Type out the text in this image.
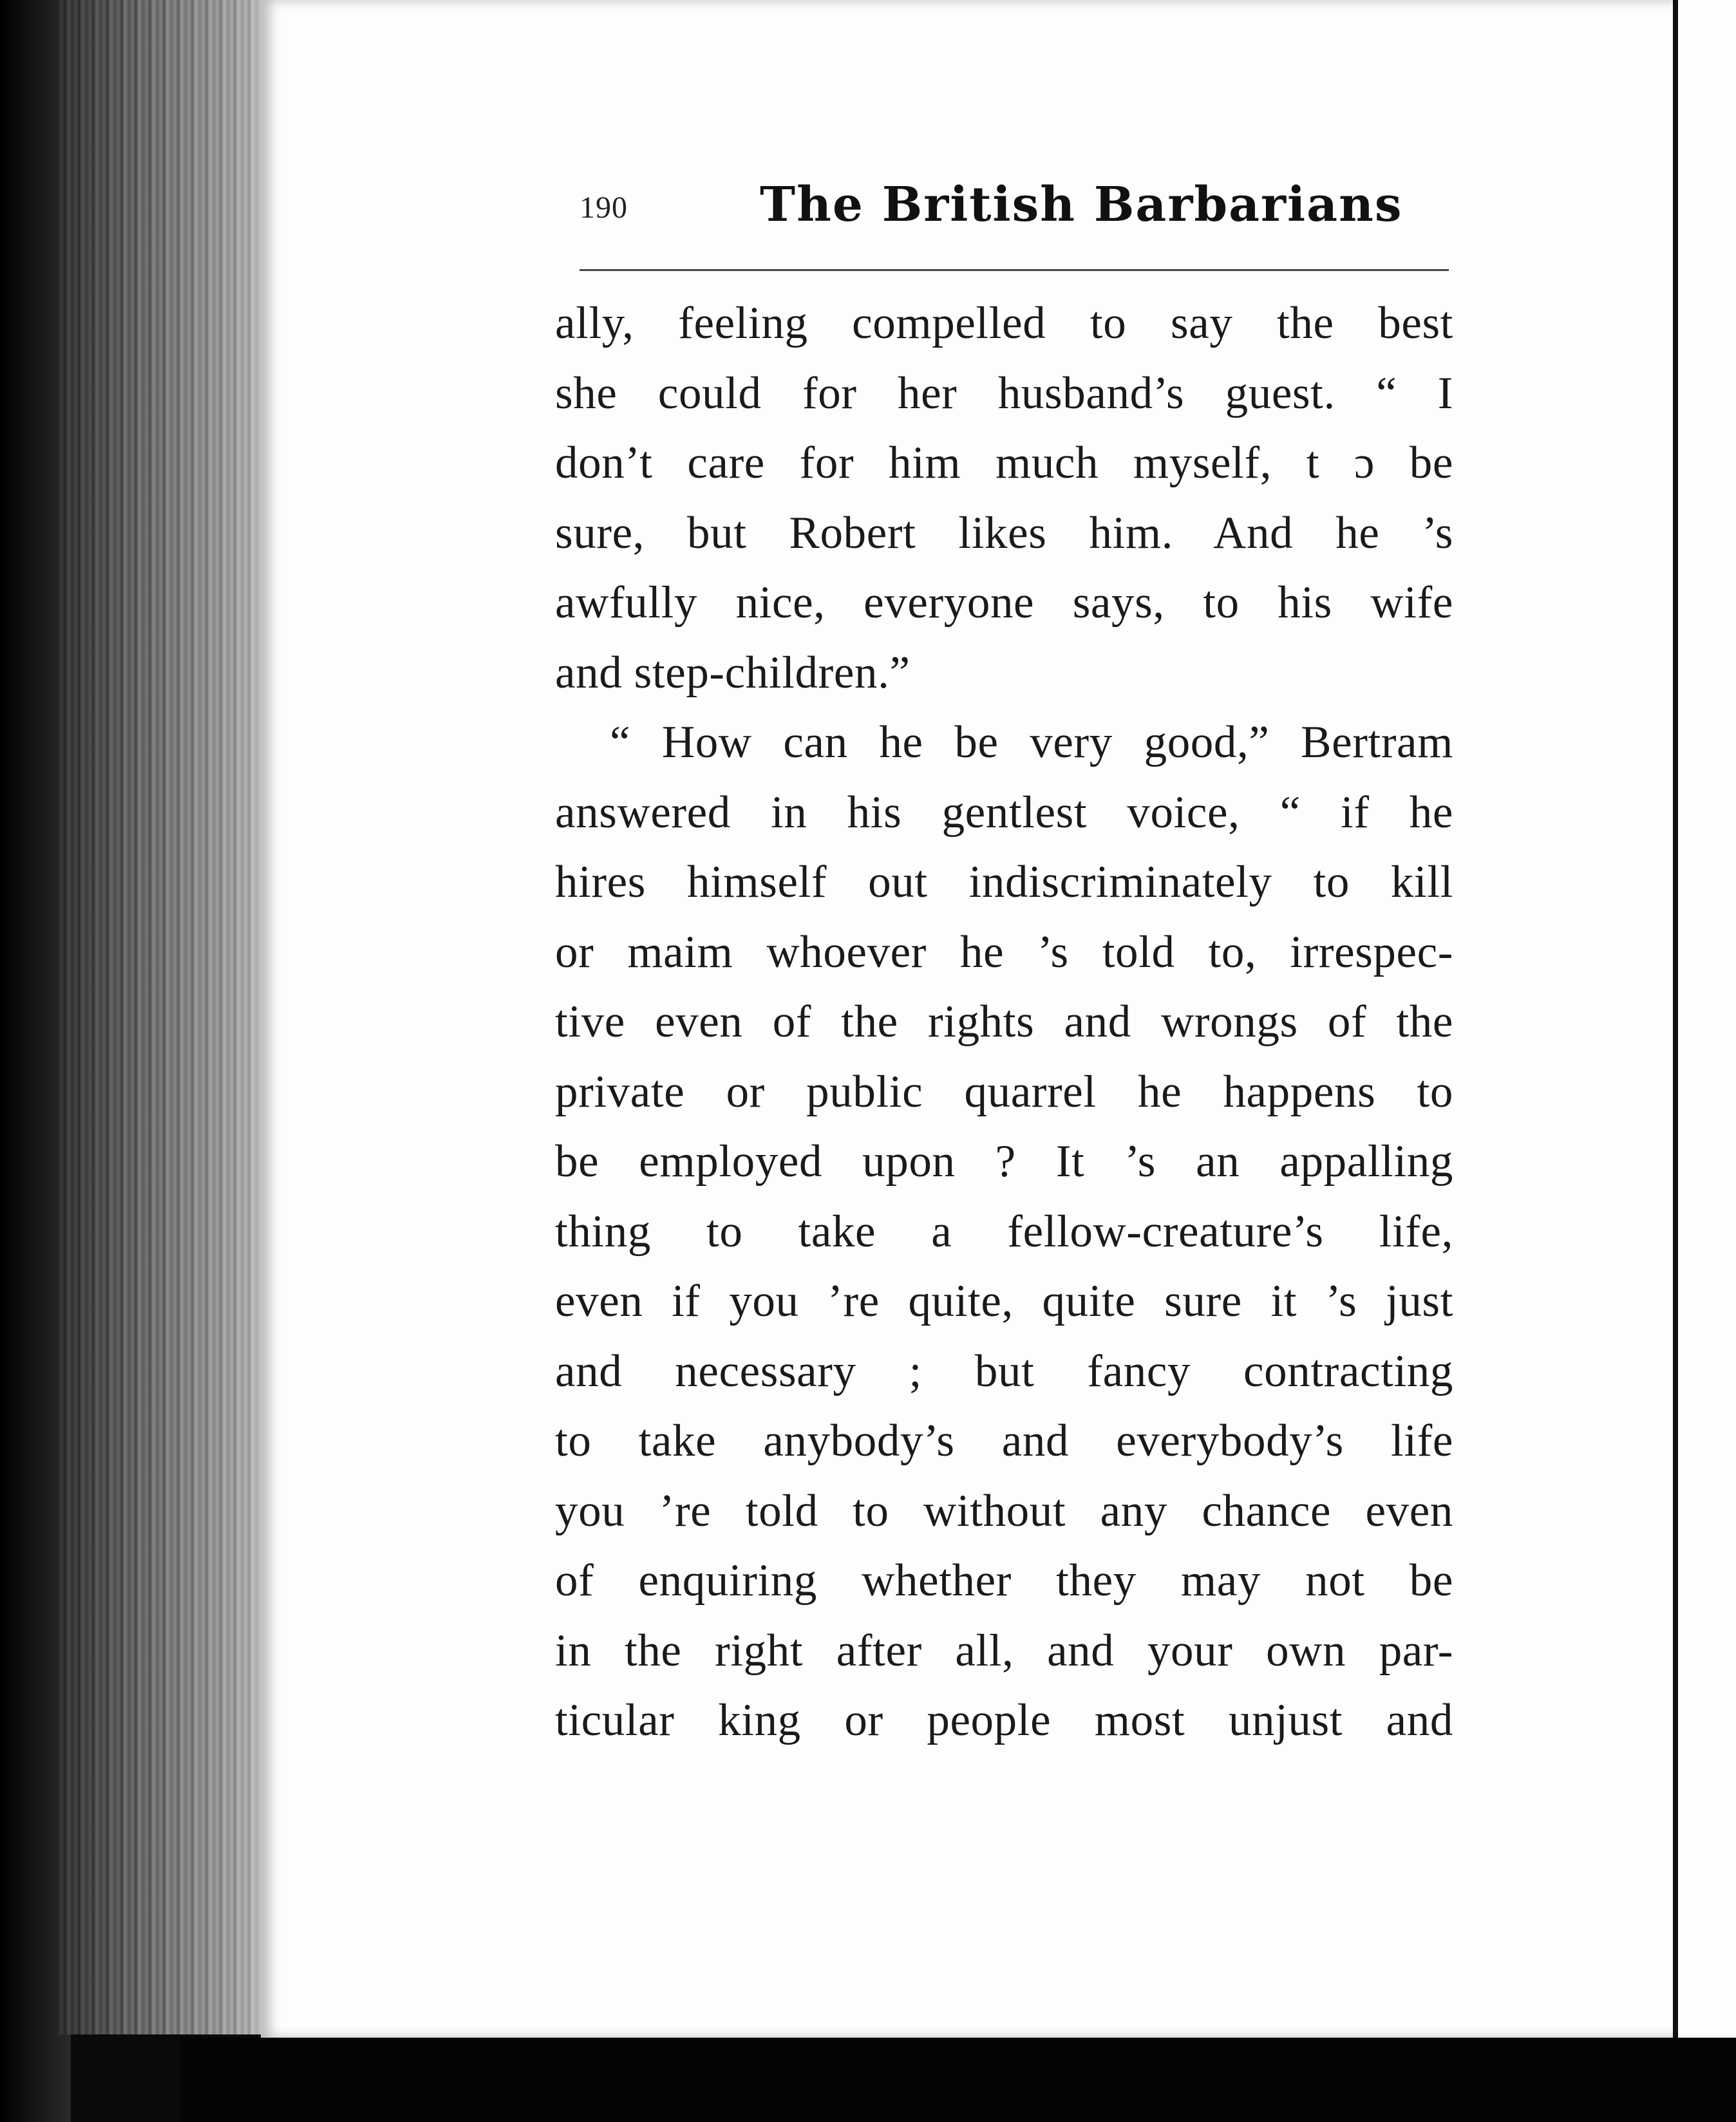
190	The British Barbarians
ally, feeling compelled to say the best
she could for her husband’s guest. “ I
don’t care for him much myself, t ɔ be
sure, but Robert likes him. And he ’s
awfully nice, everyone says, to his wife
and step-children.”
“ How can he be very good,” Bertram
answered in his gentlest voice, “ if he
hires himself out indiscriminately to kill
or maim whoever he ’s told to, irrespec-
tive even of the rights and wrongs of the
private or public quarrel he happens to
be employed upon ? It ’s an appalling
thing to take a fellow-creature’s life,
even if you ’re quite, quite sure it ’s just
and necessary ; but fancy contracting
to take anybody’s and everybody’s life
you ’re told to without any chance even
of enquiring whether they may not be
in the right after all, and your own par-
ticular king or people most unjust and
